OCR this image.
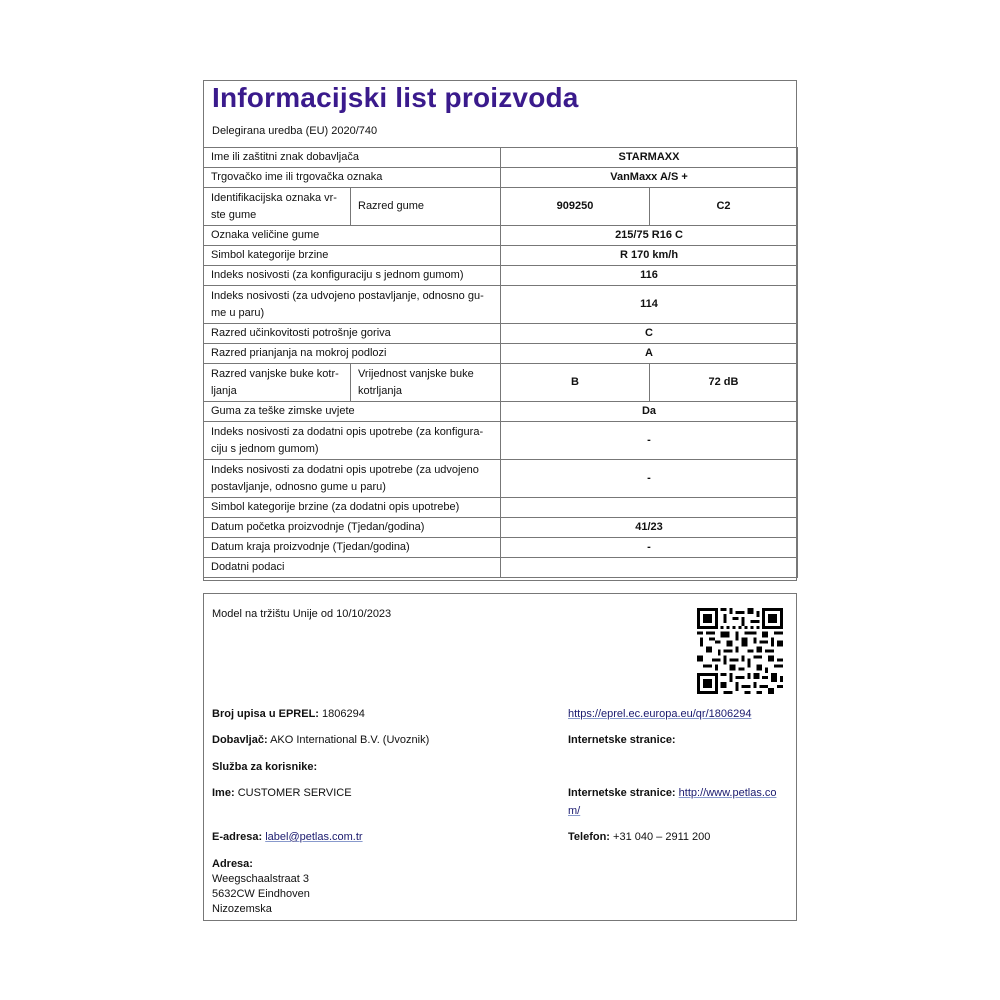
Informacijski list proizvoda
Delegirana uredba (EU) 2020/740
Ime ili zaštitni znak dobavljača		STARMAXX	
Trgovačko ime ili trgovačka oznaka		VanMaxx A/S +	
Identifikacijska oznaka vr-ste gume	Razred gume	909250	C2
Oznaka veličine gume		215/75 R16 C	
Simbol kategorije brzine		R 170 km/h	
Indeks nosivosti (za konfiguraciju s jednom gumom)		116	
Indeks nosivosti (za udvojeno postavljanje, odnosno gu-me u paru)		114	
Razred učinkovitosti potrošnje goriva		C	
Razred prianjanja na mokroj podlozi		A	
Razred vanjske buke kotr-ljanja	Vrijednost vanjske buke kotrljanja	B	72 dB
Guma za teške zimske uvjete		Da	
Indeks nosivosti za dodatni opis upotrebe (za konfigura-ciju s jednom gumom)		-	
Indeks nosivosti za dodatni opis upotrebe (za udvojeno postavljanje, odnosno gume u paru)		-	
Simbol kategorije brzine (za dodatni opis upotrebe)			
Datum početka proizvodnje (Tjedan/godina)		41/23	
Datum kraja proizvodnje (Tjedan/godina)		-	
Dodatni podaci			
Model na tržištu Unije od 10/10/2023
Broj upisa u EPREL: 1806294	https://eprel.ec.europa.eu/qr/1806294
Dobavljač: AKO International B.V. (Uvoznik)	Internetske stranice:
Služba za korisnike:
Ime: CUSTOMER SERVICE	Internetske stranice: http://www.petlas.co
m/
E-adresa: label@petlas.com.tr	Telefon: +31 040 – 2911 200
Adresa:
Weegschaalstraat 3
5632CW Eindhoven
Nizozemska
